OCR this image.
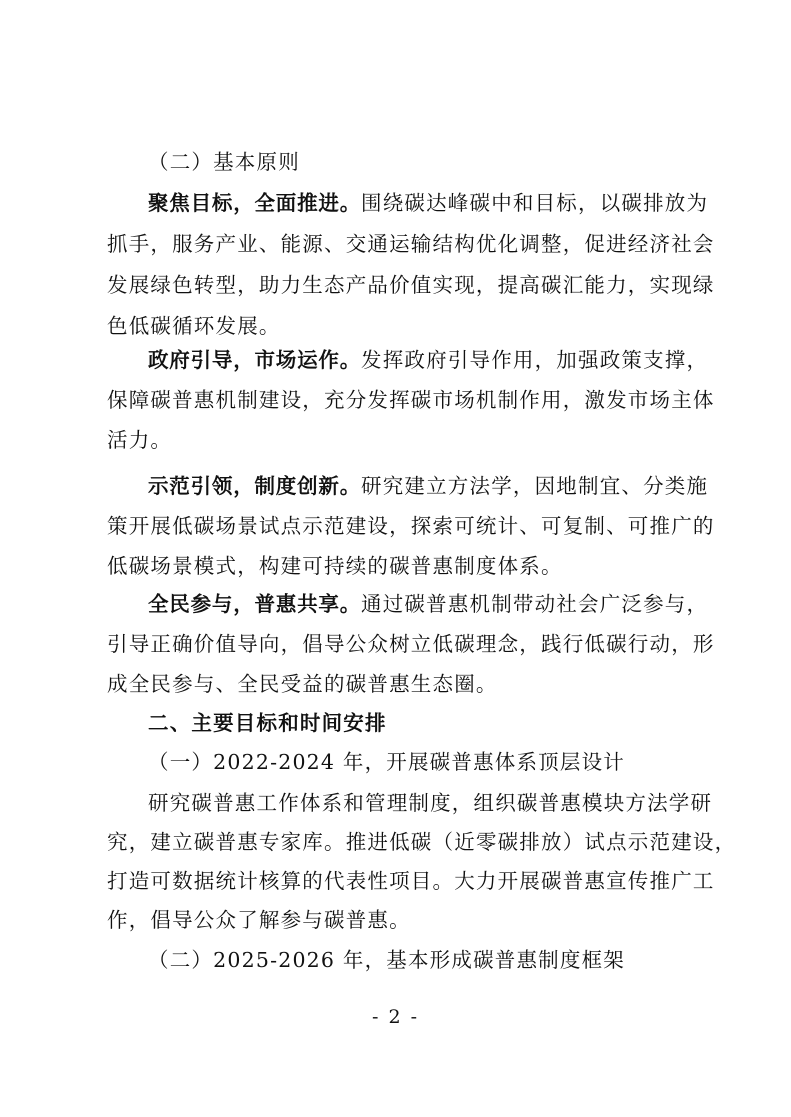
（二）基本原则
聚焦目标，全面推进。围绕碳达峰碳中和目标，以碳排放为
抓手，服务产业、能源、交通运输结构优化调整，促进经济社会
发展绿色转型，助力生态产品价值实现，提高碳汇能力，实现绿
色低碳循环发展。
政府引导，市场运作。发挥政府引导作用，加强政策支撑，
保障碳普惠机制建设，充分发挥碳市场机制作用，激发市场主体
活力。
示范引领，制度创新。研究建立方法学，因地制宜、分类施
策开展低碳场景试点示范建设，探索可统计、可复制、可推广的
低碳场景模式，构建可持续的碳普惠制度体系。
全民参与，普惠共享。通过碳普惠机制带动社会广泛参与，
引导正确价值导向，倡导公众树立低碳理念，践行低碳行动，形
成全民参与、全民受益的碳普惠生态圈。
二、主要目标和时间安排
（一）2022-2024 年，开展碳普惠体系顶层设计
研究碳普惠工作体系和管理制度，组织碳普惠模块方法学研
究，建立碳普惠专家库。推进低碳（近零碳排放）试点示范建设，
打造可数据统计核算的代表性项目。大力开展碳普惠宣传推广工
作，倡导公众了解参与碳普惠。
（二）2025-2026 年，基本形成碳普惠制度框架
- 2 -
